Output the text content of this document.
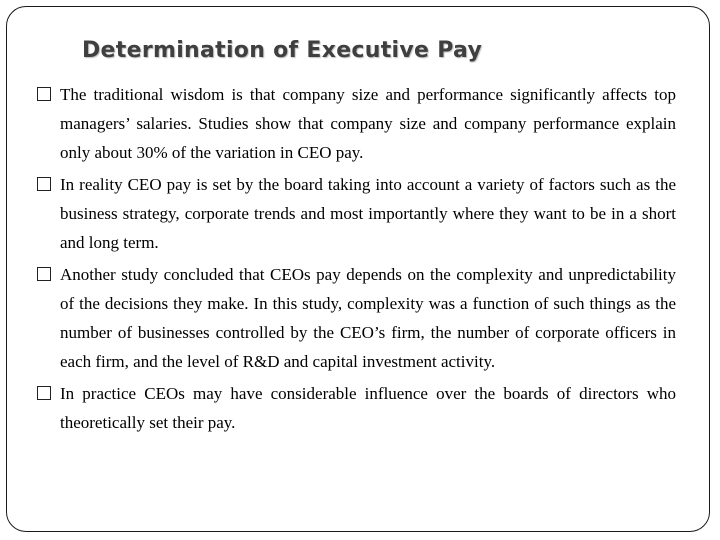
Determination of Executive Pay
The traditional wisdom is that company size and performance significantly affects top managers’ salaries. Studies show that company size and company performance explain only about 30% of the variation in CEO pay.
In reality CEO pay is set by the board taking into account a variety of factors such as the business strategy, corporate trends and most importantly where they want to be in a short and long term.
Another study concluded that CEOs pay depends on the complexity and unpredictability of the decisions they make. In this study, complexity was a function of such things as the number of businesses controlled by the CEO’s firm, the number of corporate officers in each firm, and the level of R&D and capital investment activity.
In practice CEOs may have considerable influence over the boards of directors who theoretically set their pay.
